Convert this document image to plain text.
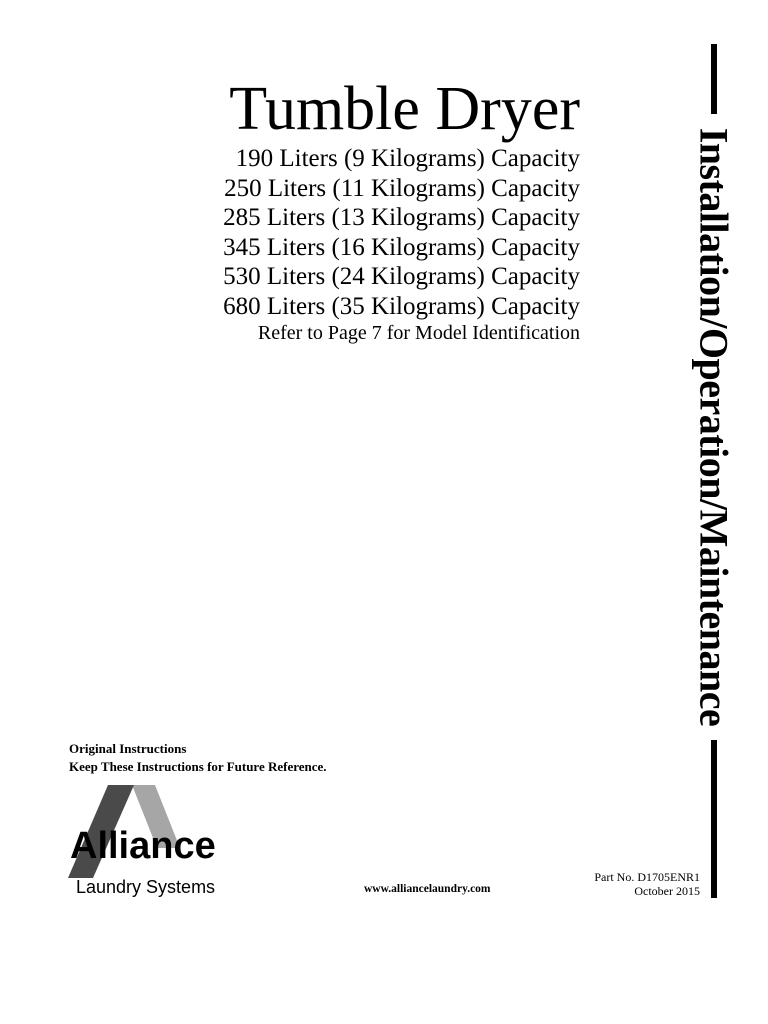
Tumble Dryer
190 Liters (9 Kilograms) Capacity
250 Liters (11 Kilograms) Capacity
285 Liters (13 Kilograms) Capacity
345 Liters (16 Kilograms) Capacity
530 Liters (24 Kilograms) Capacity
680 Liters (35 Kilograms) Capacity
Refer to Page 7 for Model Identification	Installation/Operation/Maintenance
Original Instructions
Keep These Instructions for Future Reference.
Alliance
Laundry Systems	www.alliancelaundry.com
Part No. D1705ENR1
October 2015
